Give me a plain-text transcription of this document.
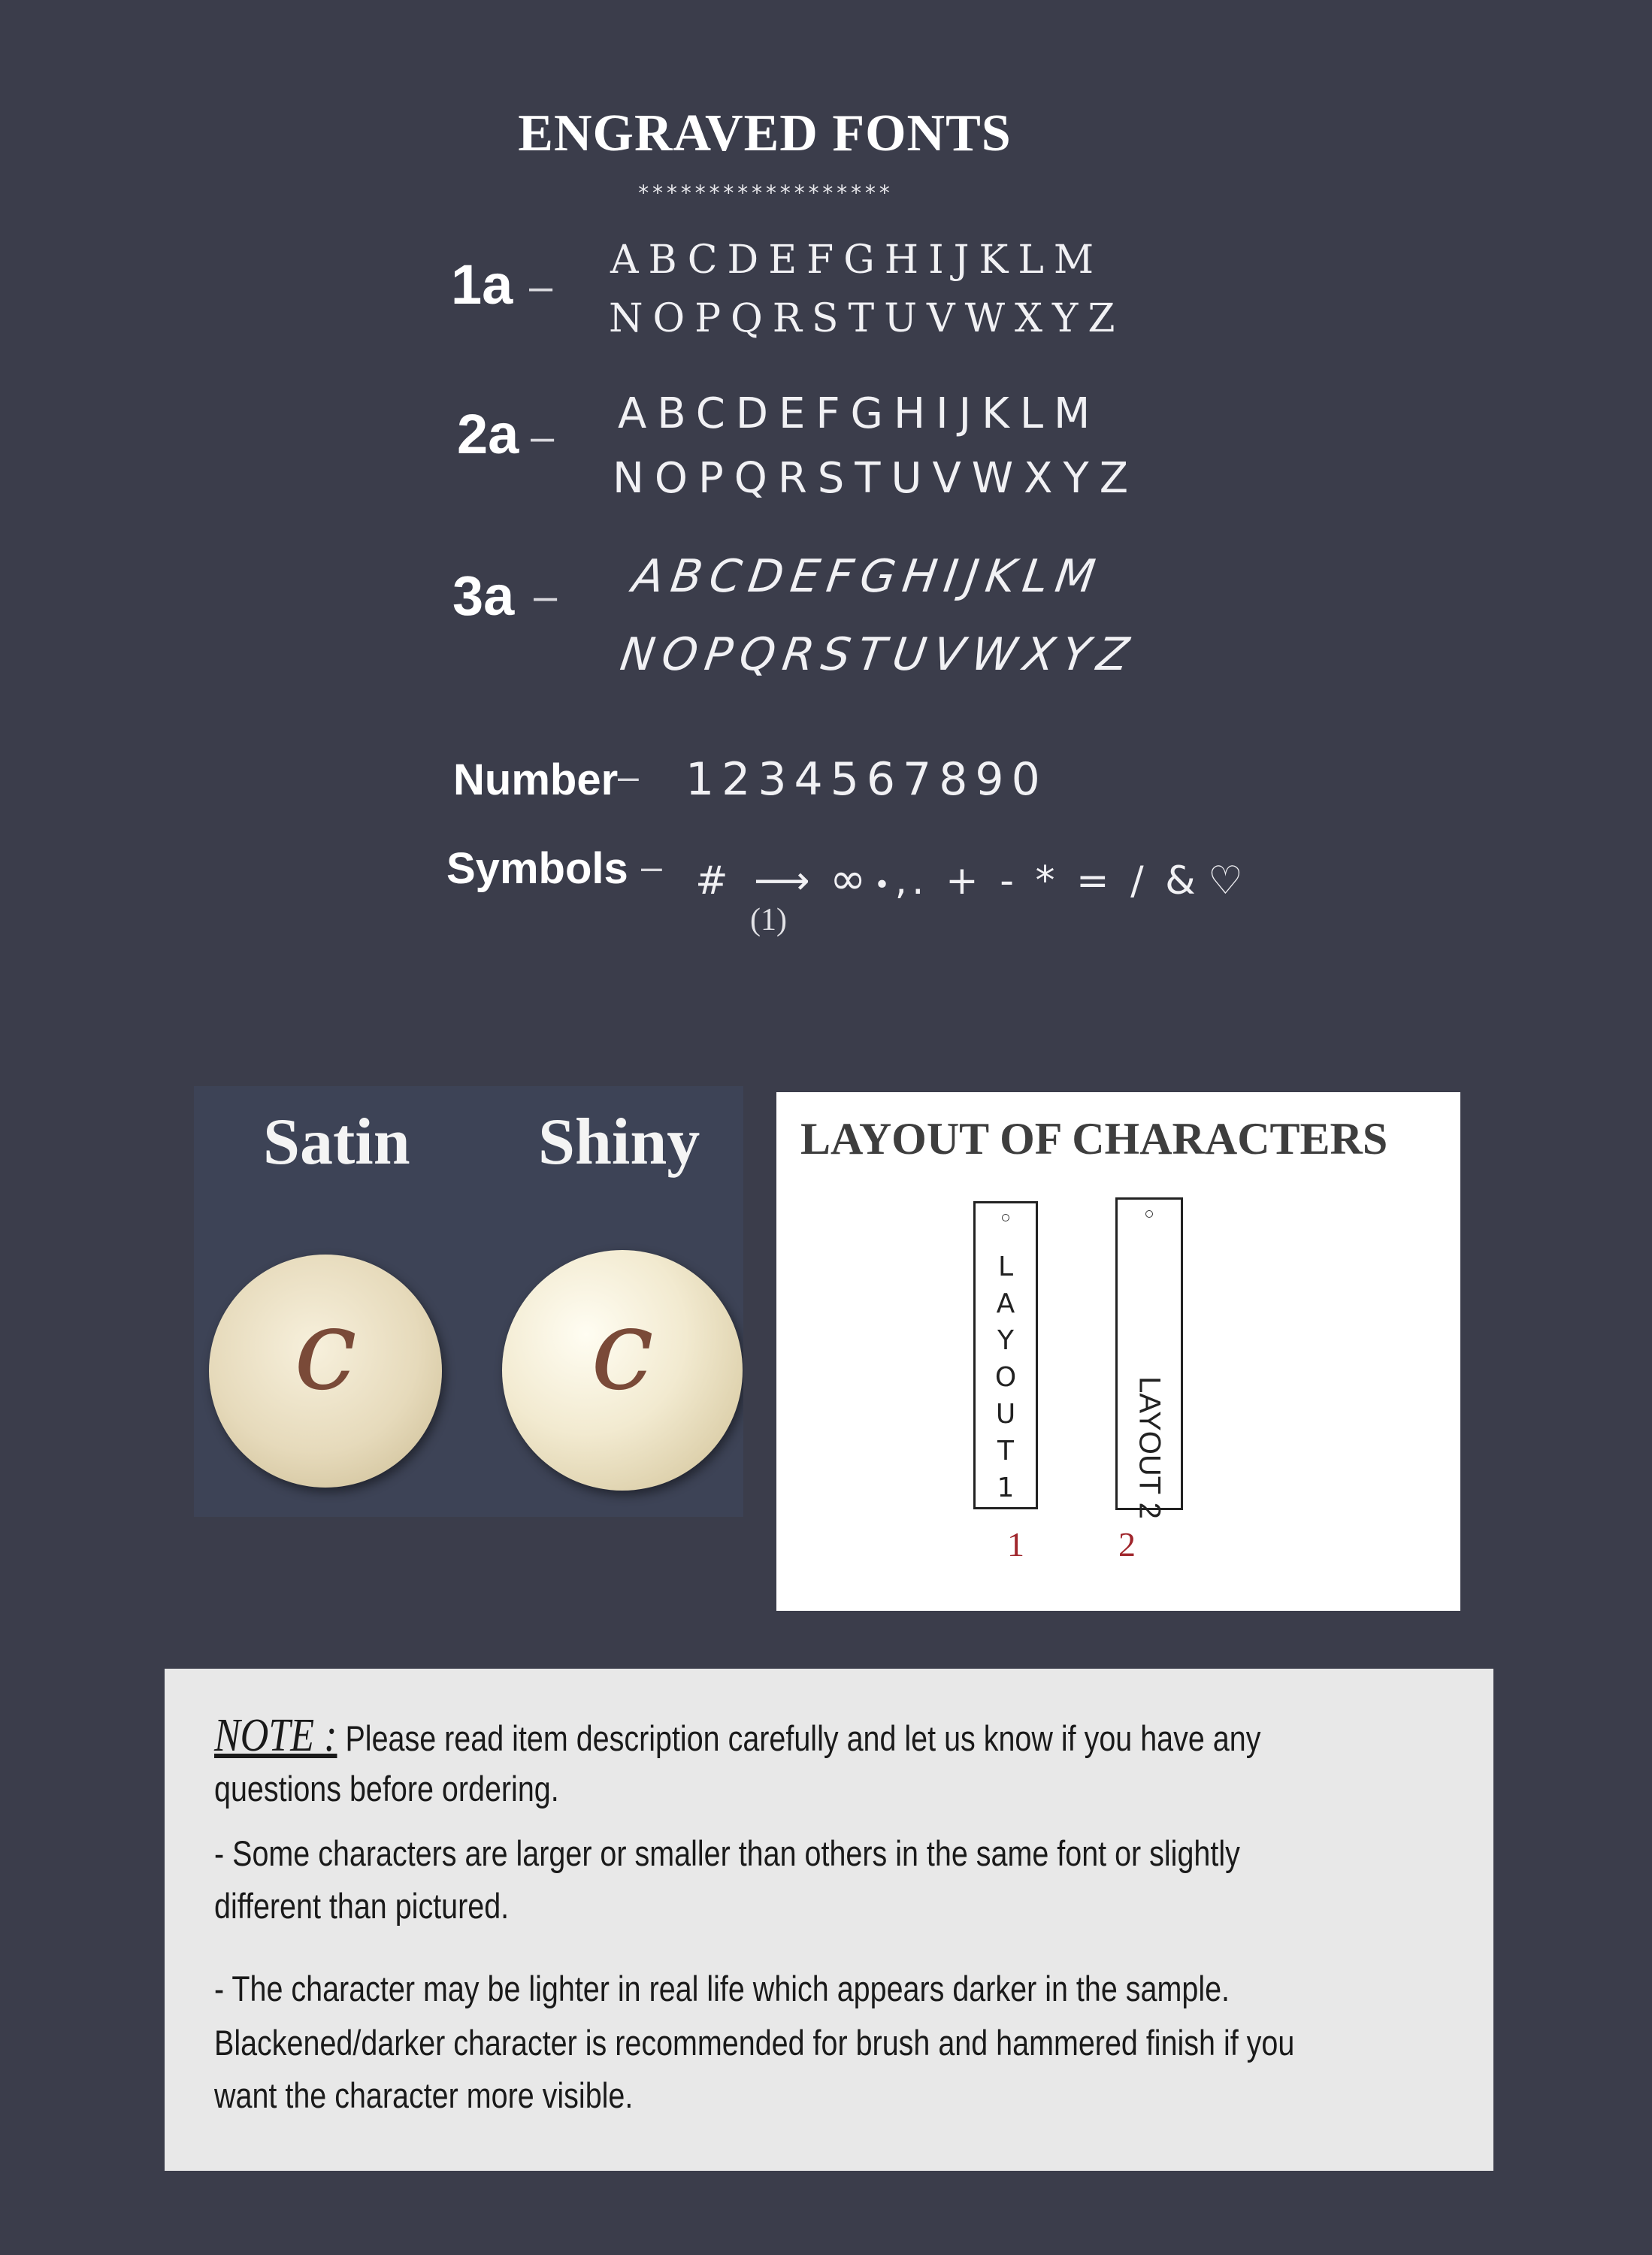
ENGRAVED FONTS
******************
1a –
ABCDEFGHIJKLM
NOPQRSTUVWXYZ
2a – ABCDEFGHIJKLM
NOPQRSTUVWXYZ
3a – ABCDEFGHIJKLM
NOPQRSTUVWXYZ
Number – 1234567890
Symbols – # ⟶ ∞ • ,. + - * = / & ♡
(1)
Satin Shiny
c	c
LAYOUT OF CHARACTERS
L
A
Y
O
U
T
1	LAYOUT 2
1	2
NOTE : Please read item description carefully and let us know if you have any
questions before ordering.
- Some characters are larger or smaller than others in the same font or slightly
different than pictured.
- The character may be lighter in real life which appears darker in the sample.
Blackened/darker character is recommended for brush and hammered finish if you
want the character more visible.
